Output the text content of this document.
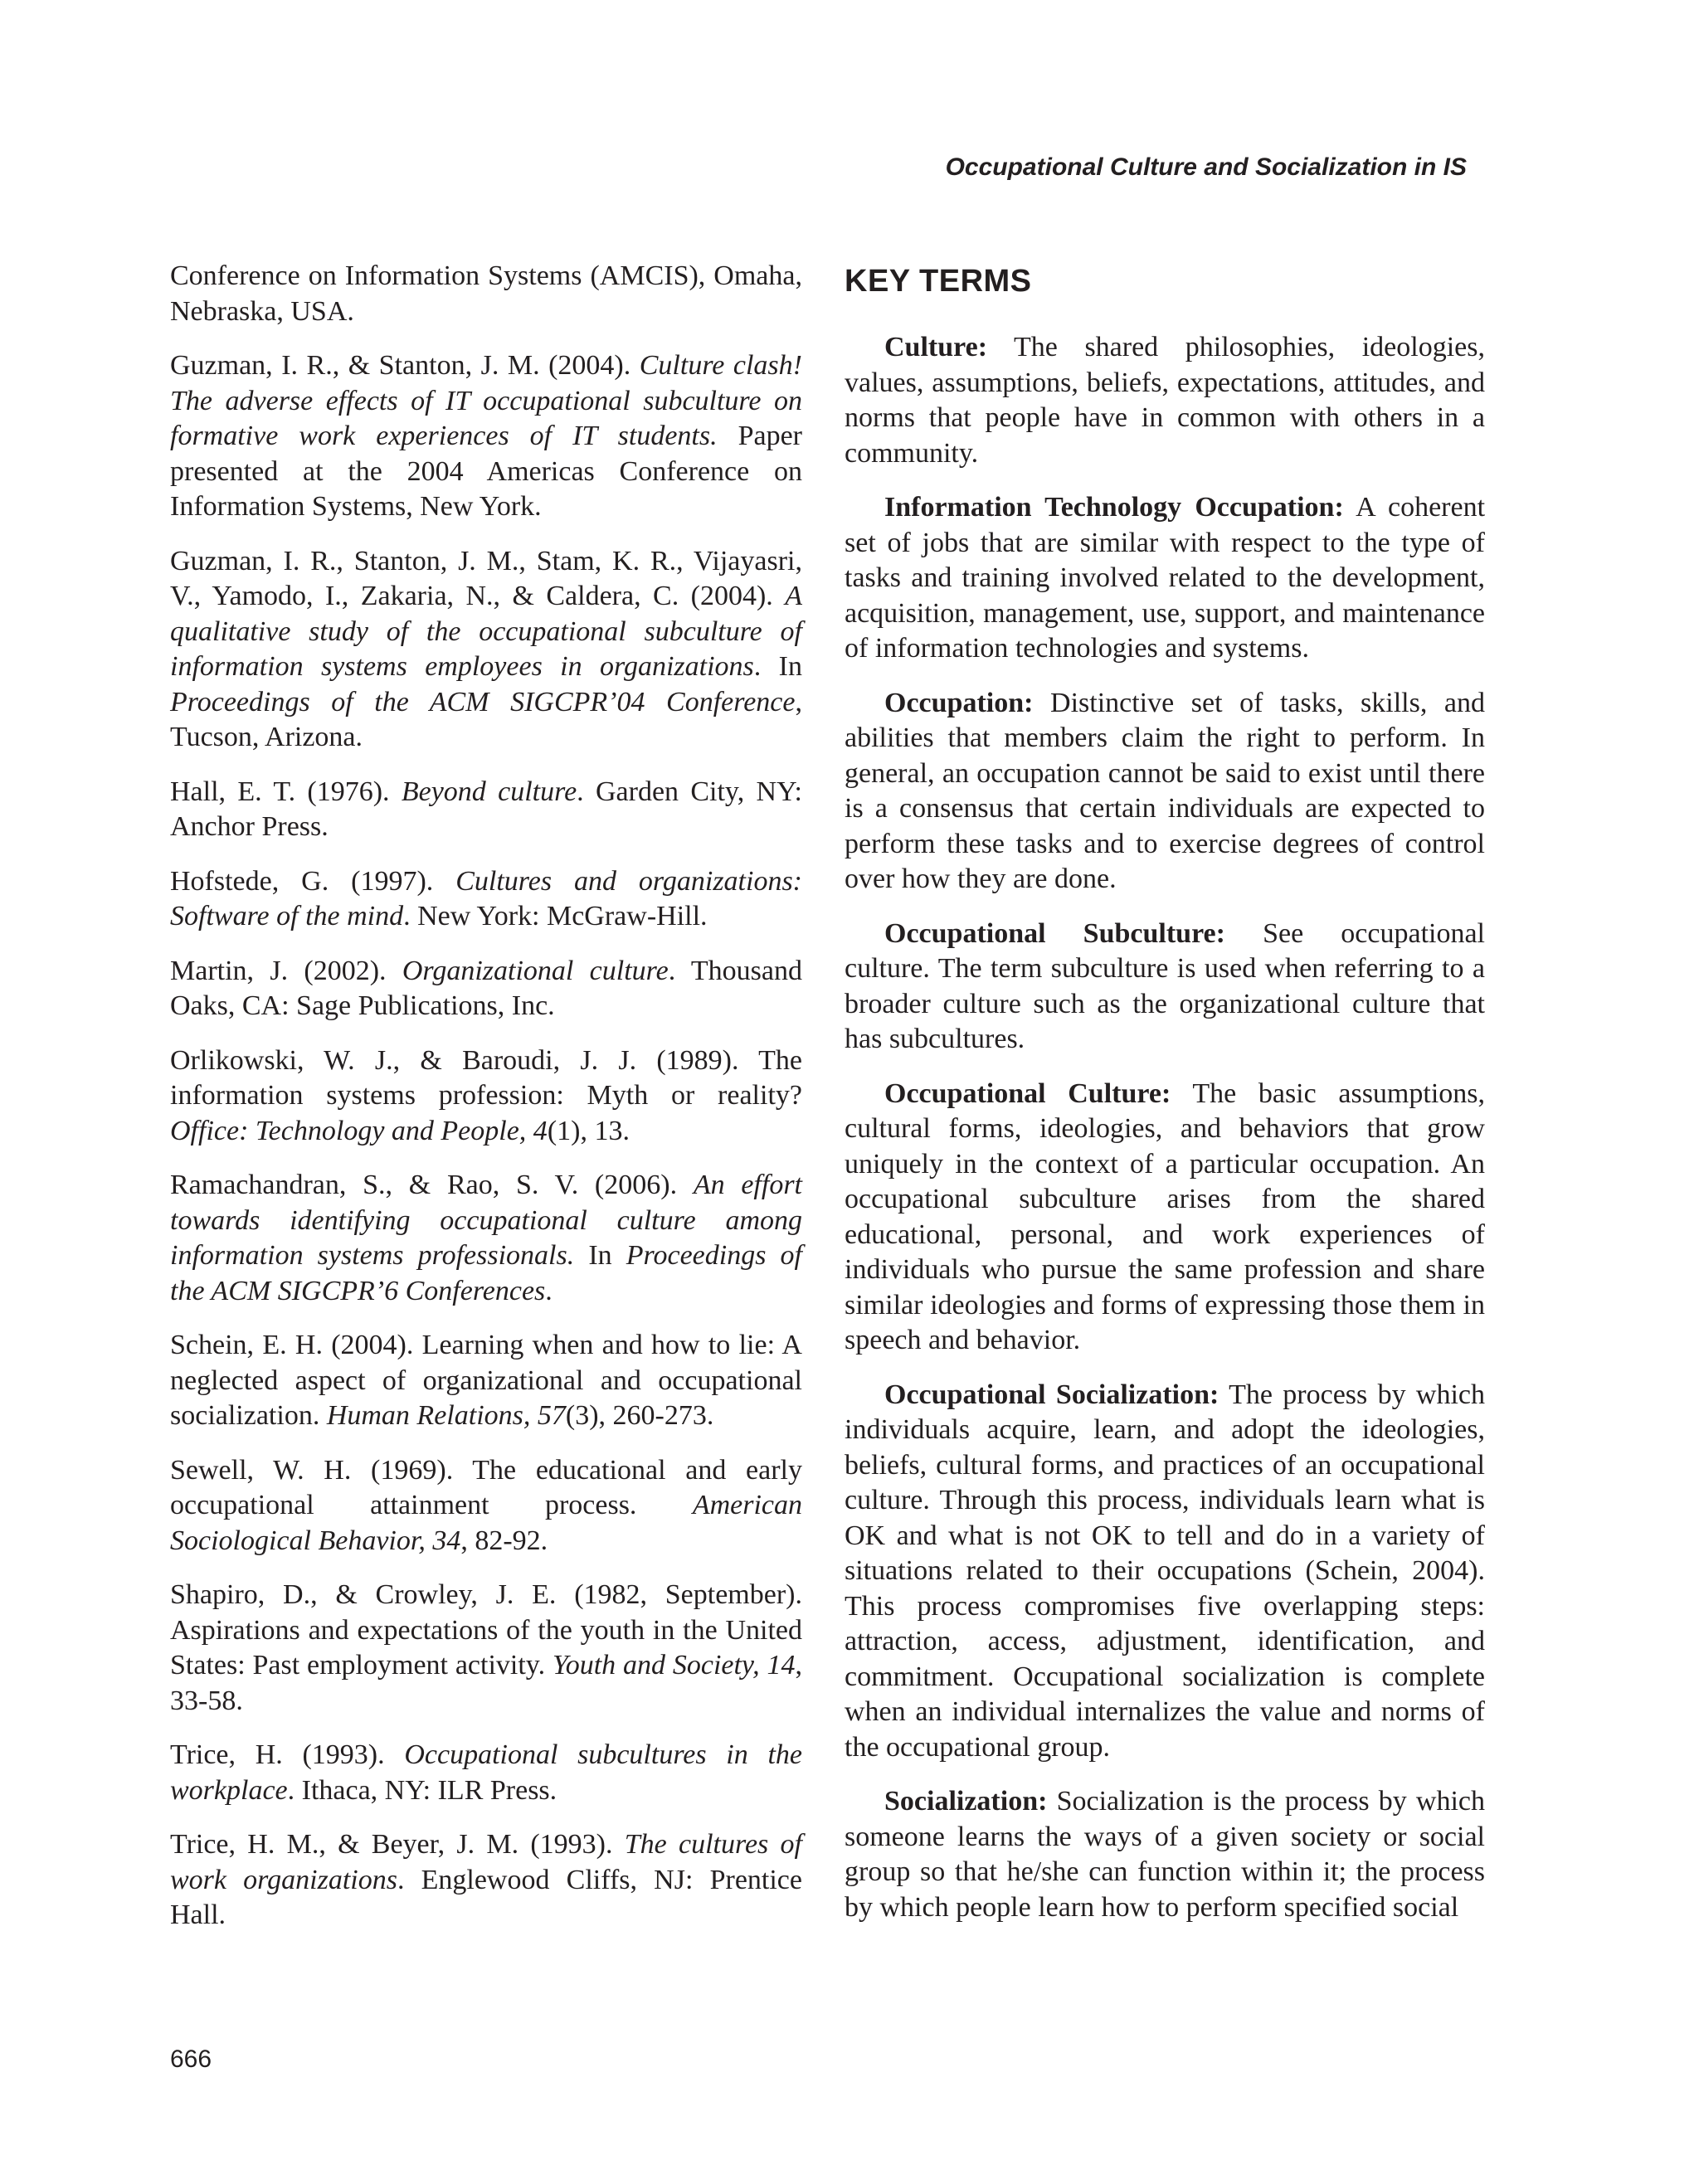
Occupational Culture and Socialization in IS

Conference on Information Systems (AMCIS), Omaha, Nebraska, USA.

Guzman, I. R., & Stanton, J. M. (2004). Culture clash! The adverse effects of IT occupational subculture on formative work experiences of IT students. Paper presented at the 2004 Americas Conference on Information Systems, New York.

Guzman, I. R., Stanton, J. M., Stam, K. R., Vijayasri, V., Yamodo, I., Zakaria, N., & Caldera, C. (2004). A qualitative study of the occupational subculture of information systems employees in organizations. In Proceedings of the ACM SIGCPR’04 Conference, Tucson, Arizona.

Hall, E. T. (1976). Beyond culture. Garden City, NY: Anchor Press.

Hofstede, G. (1997). Cultures and organizations: Software of the mind. New York: McGraw-Hill.

Martin, J. (2002). Organizational culture. Thousand Oaks, CA: Sage Publications, Inc.

Orlikowski, W. J., & Baroudi, J. J. (1989). The information systems profession: Myth or reality? Office: Technology and People, 4(1), 13.

Ramachandran, S., & Rao, S. V. (2006). An effort towards identifying occupational culture among information systems professionals. In Proceedings of the ACM SIGCPR’6 Conferences.

Schein, E. H. (2004). Learning when and how to lie: A neglected aspect of organizational and occupational socialization. Human Relations, 57(3), 260-273.

Sewell, W. H. (1969). The educational and early occupational attainment process. American Sociological Behavior, 34, 82-92.

Shapiro, D., & Crowley, J. E. (1982, September). Aspirations and expectations of the youth in the United States: Past employment activity. Youth and Society, 14, 33-58.

Trice, H. (1993). Occupational subcultures in the workplace. Ithaca, NY: ILR Press.

Trice, H. M., & Beyer, J. M. (1993). The cultures of work organizations. Englewood Cliffs, NJ: Prentice Hall.

KEY TERMS

Culture: The shared philosophies, ideologies, values, assumptions, beliefs, expectations, attitudes, and norms that people have in common with others in a community.

Information Technology Occupation: A coherent set of jobs that are similar with respect to the type of tasks and training involved related to the development, acquisition, management, use, support, and maintenance of information technologies and systems.

Occupation: Distinctive set of tasks, skills, and abilities that members claim the right to perform. In general, an occupation cannot be said to exist until there is a consensus that certain individuals are expected to perform these tasks and to exercise degrees of control over how they are done.

Occupational Subculture: See occupational culture. The term subculture is used when referring to a broader culture such as the organizational culture that has subcultures.

Occupational Culture: The basic assumptions, cultural forms, ideologies, and behaviors that grow uniquely in the context of a particular occupation. An occupational subculture arises from the shared educational, personal, and work experiences of individuals who pursue the same profession and share similar ideologies and forms of expressing those them in speech and behavior.

Occupational Socialization: The process by which individuals acquire, learn, and adopt the ideologies, beliefs, cultural forms, and practices of an occupational culture. Through this process, individuals learn what is OK and what is not OK to tell and do in a variety of situations related to their occupations (Schein, 2004). This process compromises five overlapping steps: attraction, access, adjustment, identification, and commitment. Occupational socialization is complete when an individual internalizes the value and norms of the occupational group.

Socialization: Socialization is the process by which someone learns the ways of a given society or social group so that he/she can function within it; the process by which people learn how to perform specified social

666
